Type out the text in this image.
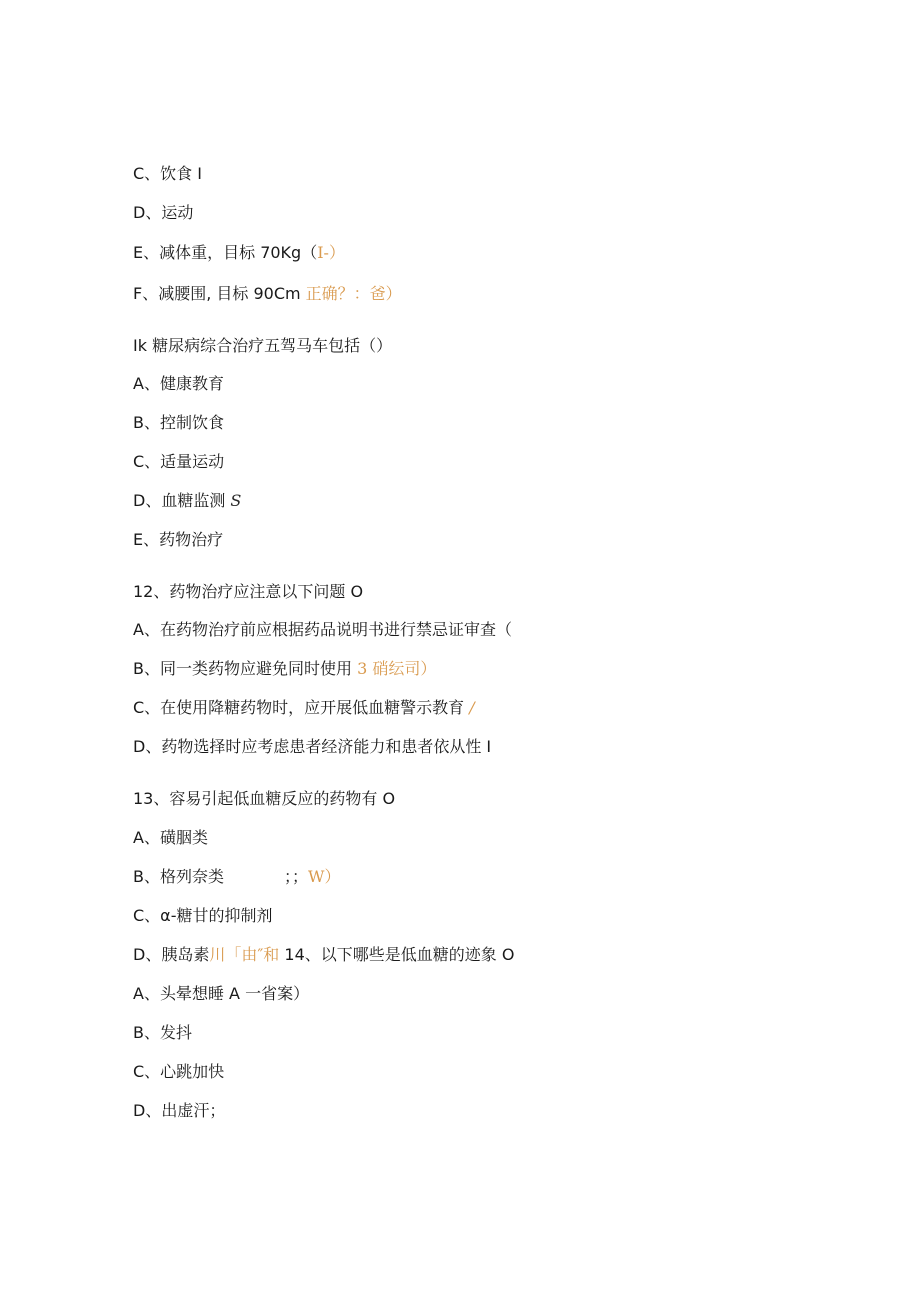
C、饮食 I
D、运动
E、减体重，目标 70Kg（I-）
F、减腰围, 目标 90Cm 正确？：爸）
Ik 糖尿病综合治疗五驾马车包括（）
A、健康教育
B、控制饮食
C、适量运动
D、血糖监测 S
E、药物治疗
12、药物治疗应注意以下问题 O
A、在药物治疗前应根据药品说明书进行禁忌证审查（
B、同一类药物应避免同时使用 3 硝纭司）
C、在使用降糖药物时，应开展低血糖警示教育 /
D、药物选择时应考虑患者经济能力和患者依从性 I
13、容易引起低血糖反应的药物有 O
A、磺胭类
B、格列奈类	；；W）
C、α-糖甘的抑制剂
D、胰岛素川「由″和 14、以下哪些是低血糖的迹象 O
A、头晕想睡 A 一省案）
B、发抖
C、心跳加快
D、出虚汗；
